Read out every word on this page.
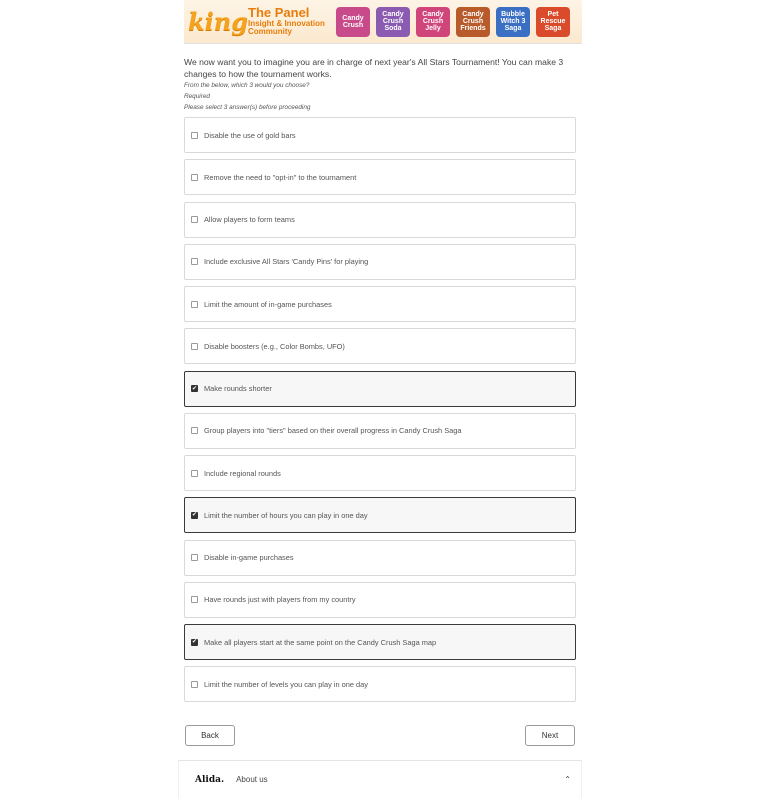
king The Panel
Insight & Innovation Community
Candy Crush
Candy Crush Soda
Candy Crush Jelly
Candy Crush Friends
Bubble Witch 3 Saga
Pet Rescue Saga
We now want you to imagine you are in charge of next year's All Stars Tournament! You can make 3 changes to how the tournament works.
From the below, which 3 would you choose?
Required
Please select 3 answer(s) before proceeding
Disable the use of gold bars
Remove the need to "opt-in" to the tournament
Allow players to form teams
Include exclusive All Stars 'Candy Pins' for playing
Limit the amount of in-game purchases
Disable boosters (e.g., Color Bombs, UFO)
✔ Make rounds shorter
Group players into "tiers" based on their overall progress in Candy Crush Saga
Include regional rounds
✔ Limit the number of hours you can play in one day
Disable in-game purchases
Have rounds just with players from my country
✔ Make all players start at the same point on the Candy Crush Saga map
Limit the number of levels you can play in one day
Back	Next
Alida. About us	⌃
